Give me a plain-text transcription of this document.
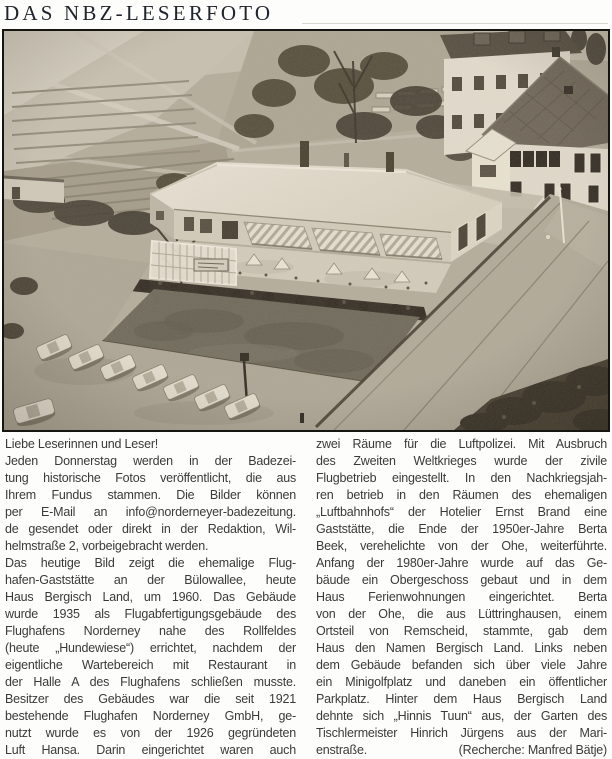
DAS NBZ-LESERFOTO
Liebe Leserinnen und Leser!
Jeden Donnerstag werden in der Badezei-
tung historische Fotos veröffentlicht, die aus
Ihrem Fundus stammen. Die Bilder können
per E-Mail an info@norderneyer-badezeitung.
de gesendet oder direkt in der Redaktion, Wil-
helmstraße 2, vorbeigebracht werden.
Das heutige Bild zeigt die ehemalige Flug-
hafen-Gaststätte an der Bülowallee, heute
Haus Bergisch Land, um 1960. Das Gebäude
wurde 1935 als Flugabfertigungsgebäude des
Flughafens Norderney nahe des Rollfeldes
(heute „Hundewiese“) errichtet, nachdem der
eigentliche Wartebereich mit Restaurant in
der Halle A des Flughafens schließen musste.
Besitzer des Gebäudes war die seit 1921
bestehende Flughafen Norderney GmbH, ge-
nutzt wurde es von der 1926 gegründeten
Luft Hansa. Darin eingerichtet waren auch
zwei Räume für die Luftpolizei. Mit Ausbruch
des Zweiten Weltkrieges wurde der zivile
Flugbetrieb eingestellt. In den Nachkriegsjah-
ren betrieb in den Räumen des ehemaligen
„Luftbahnhofs“ der Hotelier Ernst Brand eine
Gaststätte, die Ende der 1950er-Jahre Berta
Beek, verehelichte von der Ohe, weiterführte.
Anfang der 1980er-Jahre wurde auf das Ge-
bäude ein Obergeschoss gebaut und in dem
Haus Ferienwohnungen eingerichtet. Berta
von der Ohe, die aus Lüttringhausen, einem
Ortsteil von Remscheid, stammte, gab dem
Haus den Namen Bergisch Land. Links neben
dem Gebäude befanden sich über viele Jahre
ein Minigolfplatz und daneben ein öffentlicher
Parkplatz. Hinter dem Haus Bergisch Land
dehnte sich „Hinnis Tuun“ aus, der Garten des
Tischlermeister Hinrich Jürgens aus der Mari-
enstraße.	(Recherche: Manfred Bätje)
